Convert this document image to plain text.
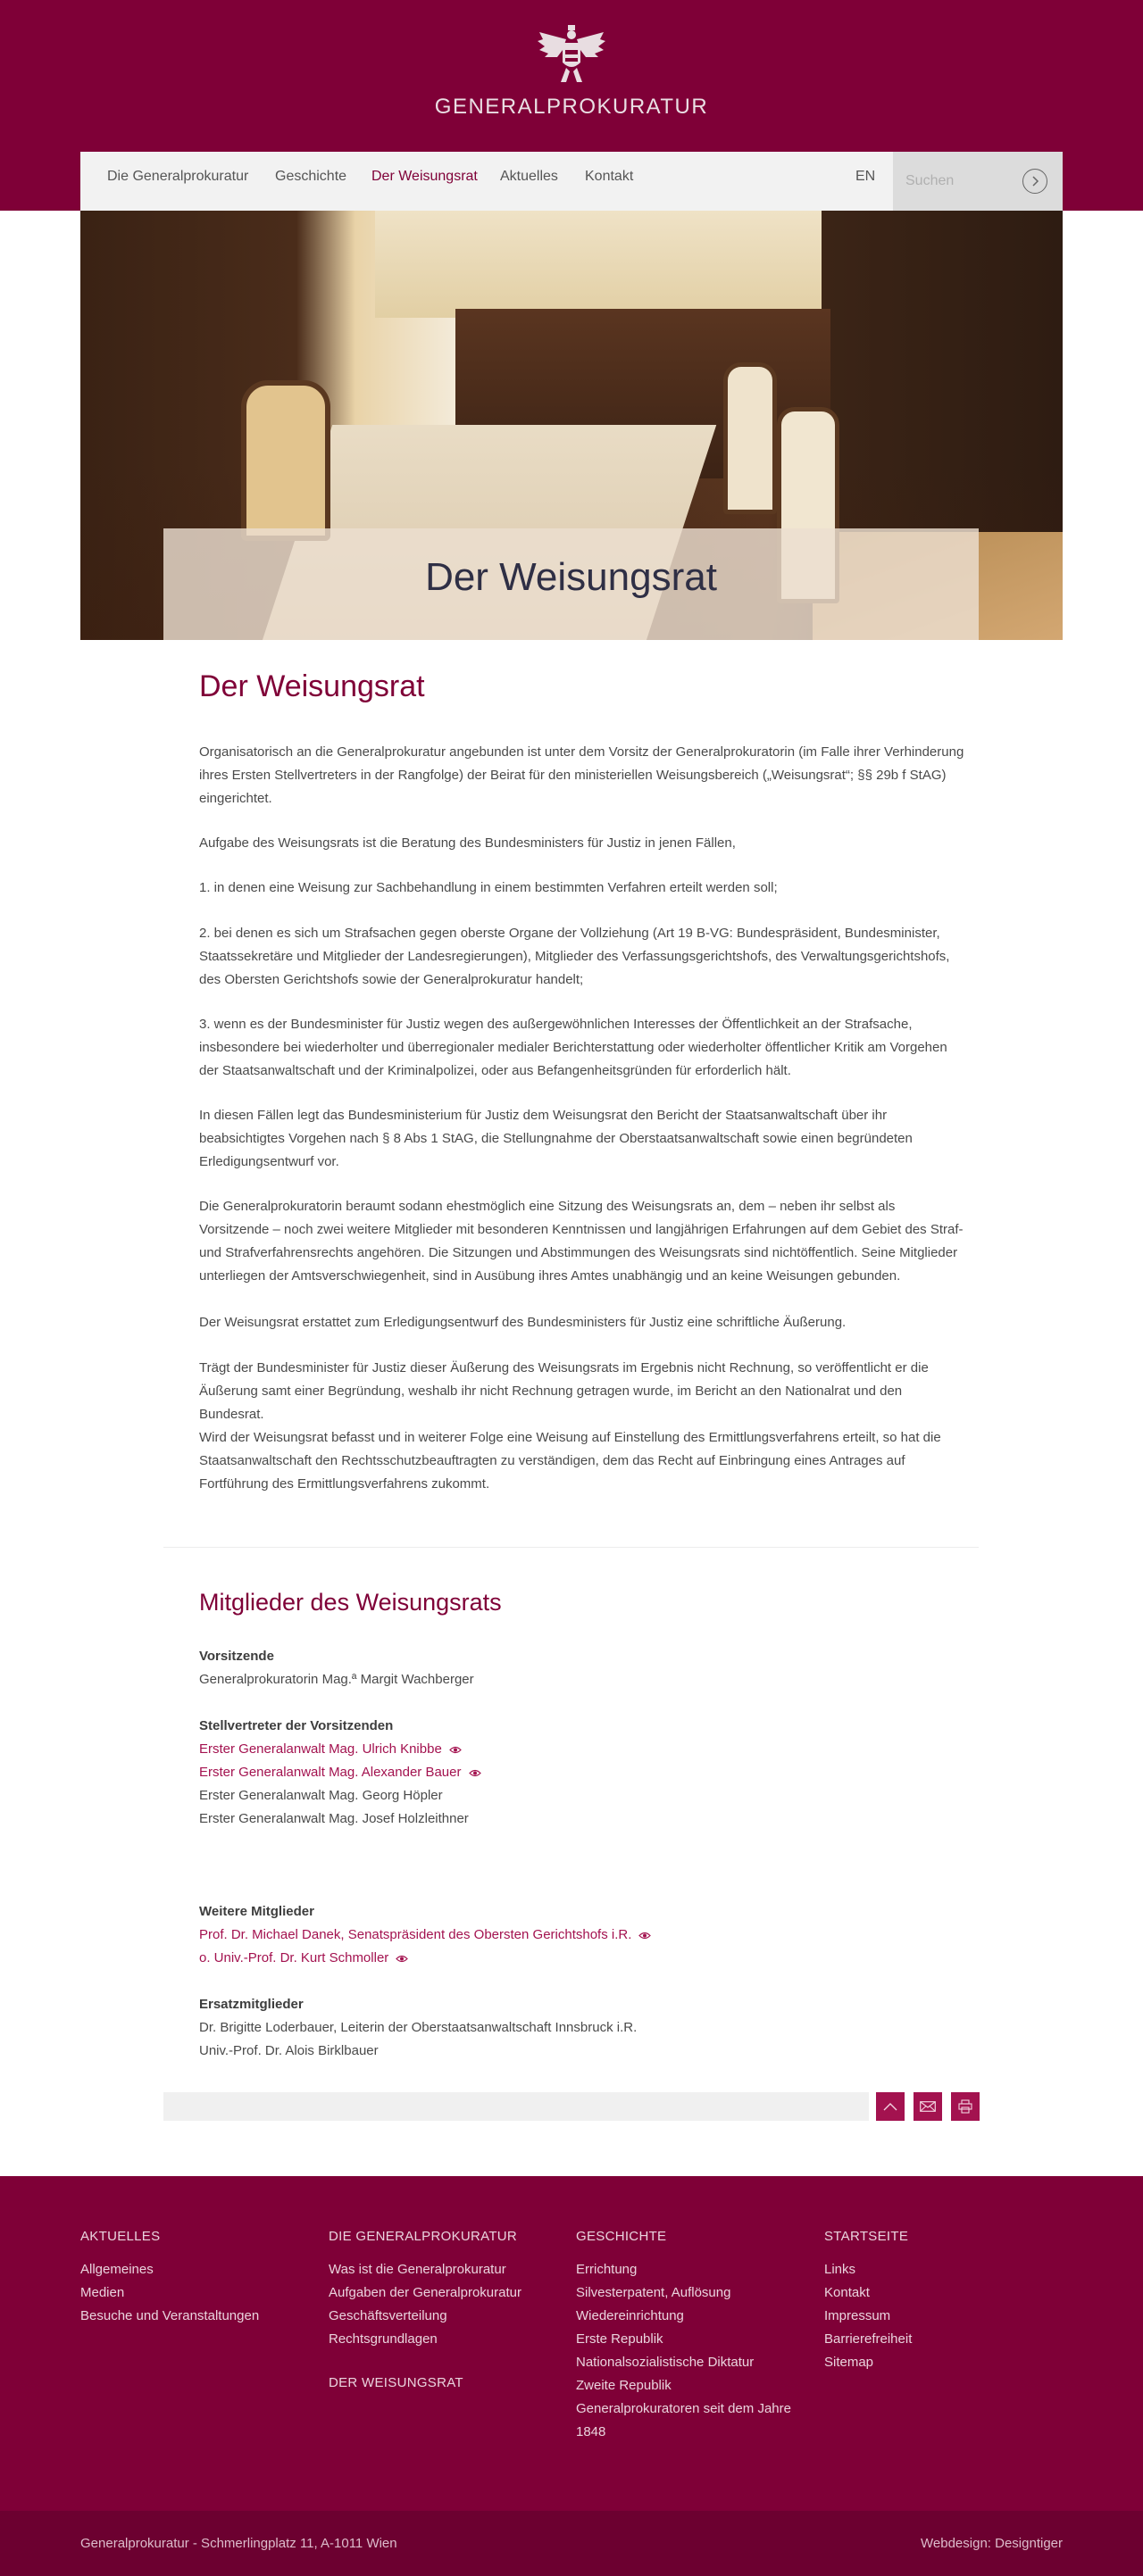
GENERALPROKURATUR
Die Generalprokuratur Geschichte Der Weisungsrat Aktuelles Kontakt	EN
Suchen
Der Weisungsrat
Der Weisungsrat

Organisatorisch an die Generalprokuratur angebunden ist unter dem Vorsitz der Generalprokuratorin (im Falle ihrer Verhinderung ihres Ersten Stellvertreters in der Rangfolge) der Beirat für den ministeriellen Weisungsbereich („Weisungsrat“; §§ 29b f StAG) eingerichtet.

Aufgabe des Weisungsrats ist die Beratung des Bundesministers für Justiz in jenen Fällen,

1. in denen eine Weisung zur Sachbehandlung in einem bestimmten Verfahren erteilt werden soll;

2. bei denen es sich um Strafsachen gegen oberste Organe der Vollziehung (Art 19 B-VG: Bundespräsident, Bundesminister, Staatssekretäre und Mitglieder der Landesregierungen), Mitglieder des Verfassungsgerichtshofs, des Verwaltungsgerichtshofs, des Obersten Gerichtshofs sowie der Generalprokuratur handelt;

3. wenn es der Bundesminister für Justiz wegen des außergewöhnlichen Interesses der Öffentlichkeit an der Strafsache, insbesondere bei wiederholter und überregionaler medialer Berichterstattung oder wiederholter öffentlicher Kritik am Vorgehen der Staatsanwaltschaft und der Kriminalpolizei, oder aus Befangenheitsgründen für erforderlich hält.

In diesen Fällen legt das Bundesministerium für Justiz dem Weisungsrat den Bericht der Staatsanwaltschaft über ihr beabsichtigtes Vorgehen nach § 8 Abs 1 StAG, die Stellungnahme der Oberstaatsanwaltschaft sowie einen begründeten Erledigungsentwurf vor.

Die Generalprokuratorin beraumt sodann ehestmöglich eine Sitzung des Weisungsrats an, dem – neben ihr selbst als Vorsitzende – noch zwei weitere Mitglieder mit besonderen Kenntnissen und langjährigen Erfahrungen auf dem Gebiet des Straf- und Strafverfahrensrechts angehören. Die Sitzungen und Abstimmungen des Weisungsrats sind nichtöffentlich. Seine Mitglieder unterliegen der Amtsverschwiegenheit, sind in Ausübung ihres Amtes unabhängig und an keine Weisungen gebunden.

Der Weisungsrat erstattet zum Erledigungsentwurf des Bundesministers für Justiz eine schriftliche Äußerung.

Trägt der Bundesminister für Justiz dieser Äußerung des Weisungsrats im Ergebnis nicht Rechnung, so veröffentlicht er die Äußerung samt einer Begründung, weshalb ihr nicht Rechnung getragen wurde, im Bericht an den Nationalrat und den Bundesrat.

Wird der Weisungsrat befasst und in weiterer Folge eine Weisung auf Einstellung des Ermittlungsverfahrens erteilt, so hat die Staatsanwaltschaft den Rechtsschutzbeauftragten zu verständigen, dem das Recht auf Einbringung eines Antrages auf Fortführung des Ermittlungsverfahrens zukommt.

Mitglieder des Weisungsrats
Vorsitzende
Generalprokuratorin Mag.ª Margit Wachberger
Stellvertreter der Vorsitzenden
Erster Generalanwalt Mag. Ulrich Knibbe
Erster Generalanwalt Mag. Alexander Bauer
Erster Generalanwalt Mag. Georg Höpler
Erster Generalanwalt Mag. Josef Holzleithner
Weitere Mitglieder
Prof. Dr. Michael Danek, Senatspräsident des Obersten Gerichtshofs i.R.
o. Univ.-Prof. Dr. Kurt Schmoller
Ersatzmitglieder
Dr. Brigitte Loderbauer, Leiterin der Oberstaatsanwaltschaft Innsbruck i.R.
Univ.-Prof. Dr. Alois Birklbauer
AKTUELLES
Allgemeines
Medien
Besuche und Veranstaltungen
DIE GENERALPROKURATUR
Was ist die Generalprokuratur
Aufgaben der Generalprokuratur
Geschäftsverteilung
Rechtsgrundlagen
DER WEISUNGSRAT
GESCHICHTE
Errichtung
Silvesterpatent, Auflösung
Wiedereinrichtung
Erste Republik
Nationalsozialistische Diktatur
Zweite Republik
Generalprokuratoren seit dem Jahre 1848
STARTSEITE
Links
Kontakt
Impressum
Barrierefreiheit
Sitemap
Generalprokuratur - Schmerlingplatz 11, A-1011 Wien	Webdesign: Designtiger
